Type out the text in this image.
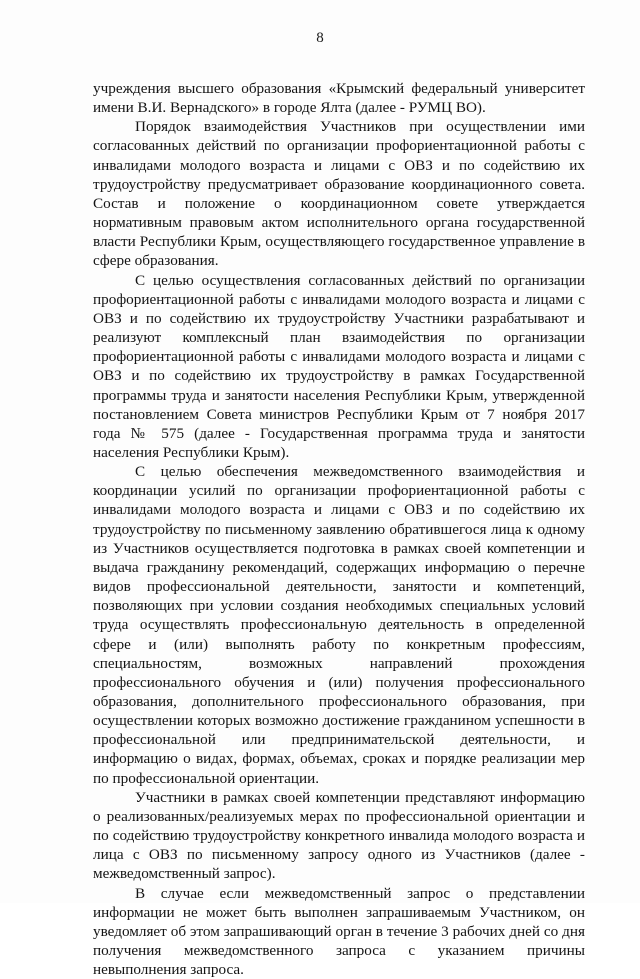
8

учреждения высшего образования «Крымский федеральный университет имени В.И. Вернадского» в городе Ялта (далее - РУМЦ ВО).

Порядок взаимодействия Участников при осуществлении ими согласованных действий по организации профориентационной работы с инвалидами молодого возраста и лицами с ОВЗ и по содействию их трудоустройству предусматривает образование координационного совета. Состав и положение о координационном совете утверждается нормативным правовым актом исполнительного органа государственной власти Республики Крым, осуществляющего государственное управление в сфере образования.

С целью осуществления согласованных действий по организации профориентационной работы с инвалидами молодого возраста и лицами с ОВЗ и по содействию их трудоустройству Участники разрабатывают и реализуют комплексный план взаимодействия по организации профориентационной работы с инвалидами молодого возраста и лицами с ОВЗ и по содействию их трудоустройству в рамках Государственной программы труда и занятости населения Республики Крым, утвержденной постановлением Совета министров Республики Крым от 7 ноября 2017 года № 575 (далее - Государственная программа труда и занятости населения Республики Крым).

С целью обеспечения межведомственного взаимодействия и координации усилий по организации профориентационной работы с инвалидами молодого возраста и лицами с ОВЗ и по содействию их трудоустройству по письменному заявлению обратившегося лица к одному из Участников осуществляется подготовка в рамках своей компетенции и выдача гражданину рекомендаций, содержащих информацию о перечне видов профессиональной деятельности, занятости и компетенций, позволяющих при условии создания необходимых специальных условий труда осуществлять профессиональную деятельность в определенной сфере и (или) выполнять работу по конкретным профессиям, специальностям, возможных направлений прохождения профессионального обучения и (или) получения профессионального образования, дополнительного профессионального образования, при осуществлении которых возможно достижение гражданином успешности в профессиональной или предпринимательской деятельности, и информацию о видах, формах, объемах, сроках и порядке реализации мер по профессиональной ориентации.

Участники в рамках своей компетенции представляют информацию о реализованных/реализуемых мерах по профессиональной ориентации и по содействию трудоустройству конкретного инвалида молодого возраста и лица с ОВЗ по письменному запросу одного из Участников (далее - межведомственный запрос).

В случае если межведомственный запрос о представлении информации не может быть выполнен запрашиваемым Участником, он уведомляет об этом запрашивающий орган в течение 3 рабочих дней со дня получения межведомственного запроса с указанием причины невыполнения запроса.
